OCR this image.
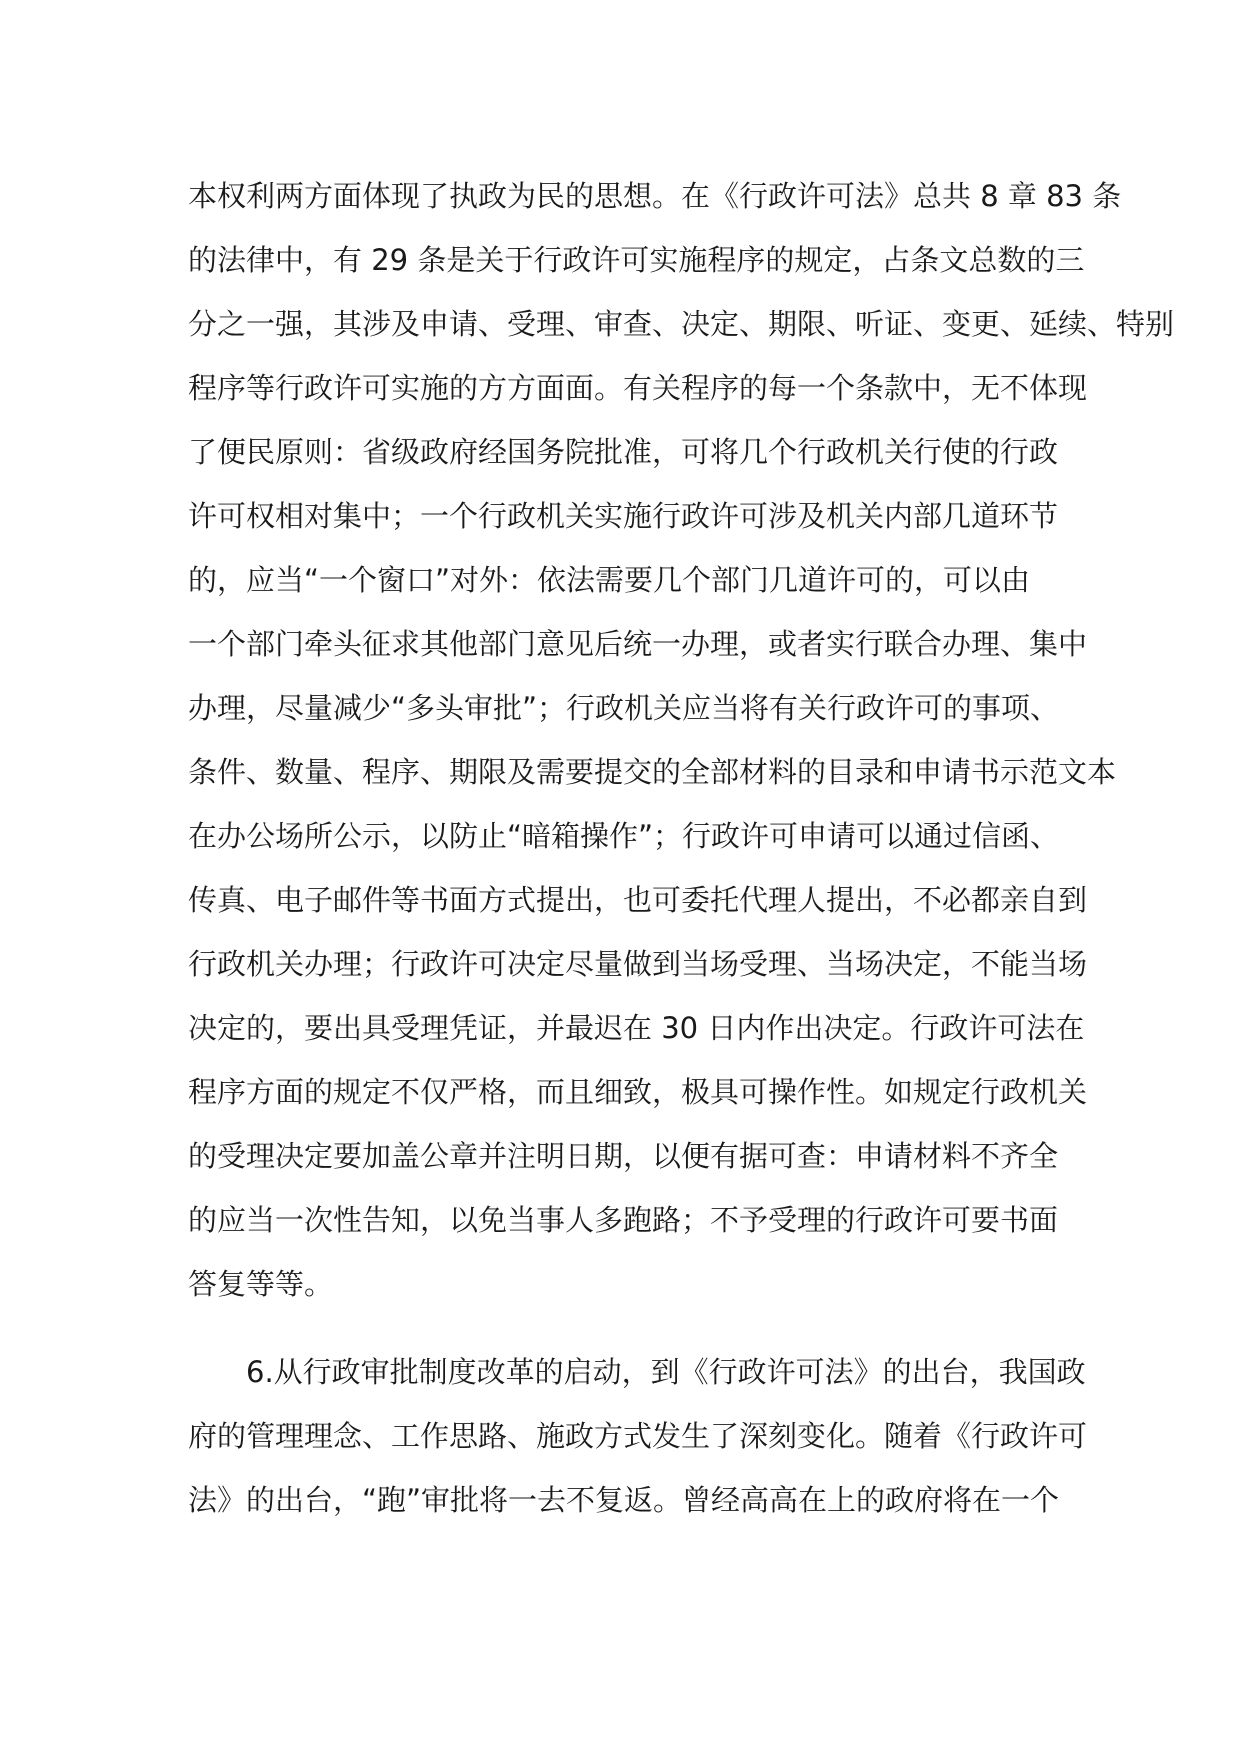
本权利两方面体现了执政为民的思想。在《行政许可法》总共 8 章 83 条
的法律中，有 29 条是关于行政许可实施程序的规定，占条文总数的三
分之一强，其涉及申请、受理、审查、决定、期限、听证、变更、延续、特别
程序等行政许可实施的方方面面。有关程序的每一个条款中，无不体现
了便民原则：省级政府经国务院批准，可将几个行政机关行使的行政
许可权相对集中；一个行政机关实施行政许可涉及机关内部几道环节
的，应当“一个窗口”对外：依法需要几个部门几道许可的，可以由
一个部门牵头征求其他部门意见后统一办理，或者实行联合办理、集中
办理，尽量减少“多头审批”；行政机关应当将有关行政许可的事项、
条件、数量、程序、期限及需要提交的全部材料的目录和申请书示范文本
在办公场所公示，以防止“暗箱操作”；行政许可申请可以通过信函、
传真、电子邮件等书面方式提出，也可委托代理人提出，不必都亲自到
行政机关办理；行政许可决定尽量做到当场受理、当场决定，不能当场
决定的，要出具受理凭证，并最迟在 30 日内作出决定。行政许可法在
程序方面的规定不仅严格，而且细致，极具可操作性。如规定行政机关
的受理决定要加盖公章并注明日期，以便有据可查：申请材料不齐全
的应当一次性告知，以免当事人多跑路；不予受理的行政许可要书面
答复等等。
6.从行政审批制度改革的启动，到《行政许可法》的出台，我国政
府的管理理念、工作思路、施政方式发生了深刻变化。随着《行政许可
法》的出台，“跑”审批将一去不复返。曾经高高在上的政府将在一个
